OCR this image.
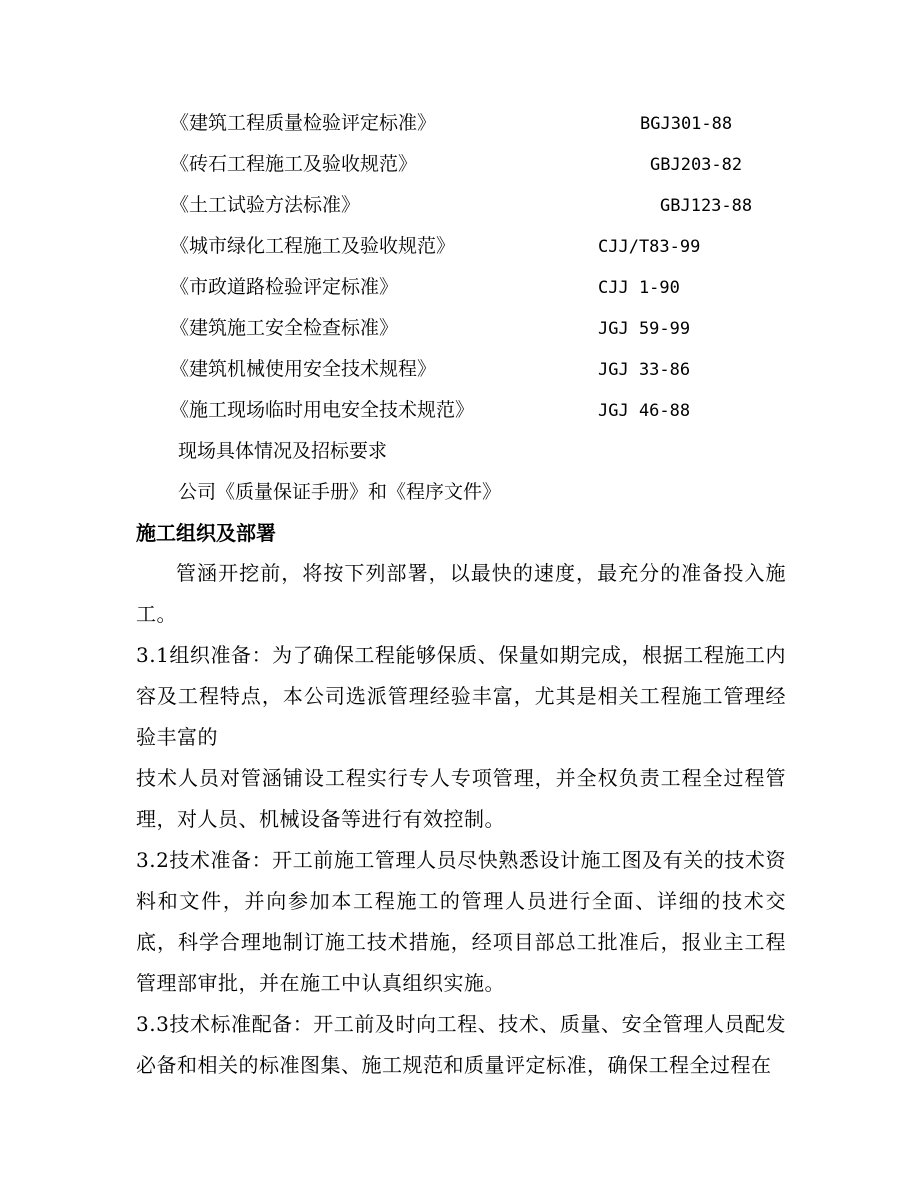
《建筑工程质量检验评定标准》	BGJ301-88
《砖石工程施工及验收规范》	GBJ203-82
《土工试验方法标准》	GBJ123-88
《城市绿化工程施工及验收规范》	CJJ/T83-99
《市政道路检验评定标准》	CJJ 1-90
《建筑施工安全检查标准》	JGJ 59-99
《建筑机械使用安全技术规程》	JGJ 33-86
《施工现场临时用电安全技术规范》	JGJ 46-88
现场具体情况及招标要求
公司《质量保证手册》和《程序文件》
施工组织及部署

管涵开挖前，将按下列部署，以最快的速度，最充分的准备投入施工。

3.1组织准备：为了确保工程能够保质、保量如期完成，根据工程施工内容及工程特点，本公司选派管理经验丰富，尤其是相关工程施工管理经验丰富的

技术人员对管涵铺设工程实行专人专项管理，并全权负责工程全过程管理，对人员、机械设备等进行有效控制。

3.2技术准备：开工前施工管理人员尽快熟悉设计施工图及有关的技术资料和文件，并向参加本工程施工的管理人员进行全面、详细的技术交底，科学合理地制订施工技术措施，经项目部总工批准后，报业主工程管理部审批，并在施工中认真组织实施。

3.3技术标准配备：开工前及时向工程、技术、质量、安全管理人员配发必备和相关的标准图集、施工规范和质量评定标准，确保工程全过程在
